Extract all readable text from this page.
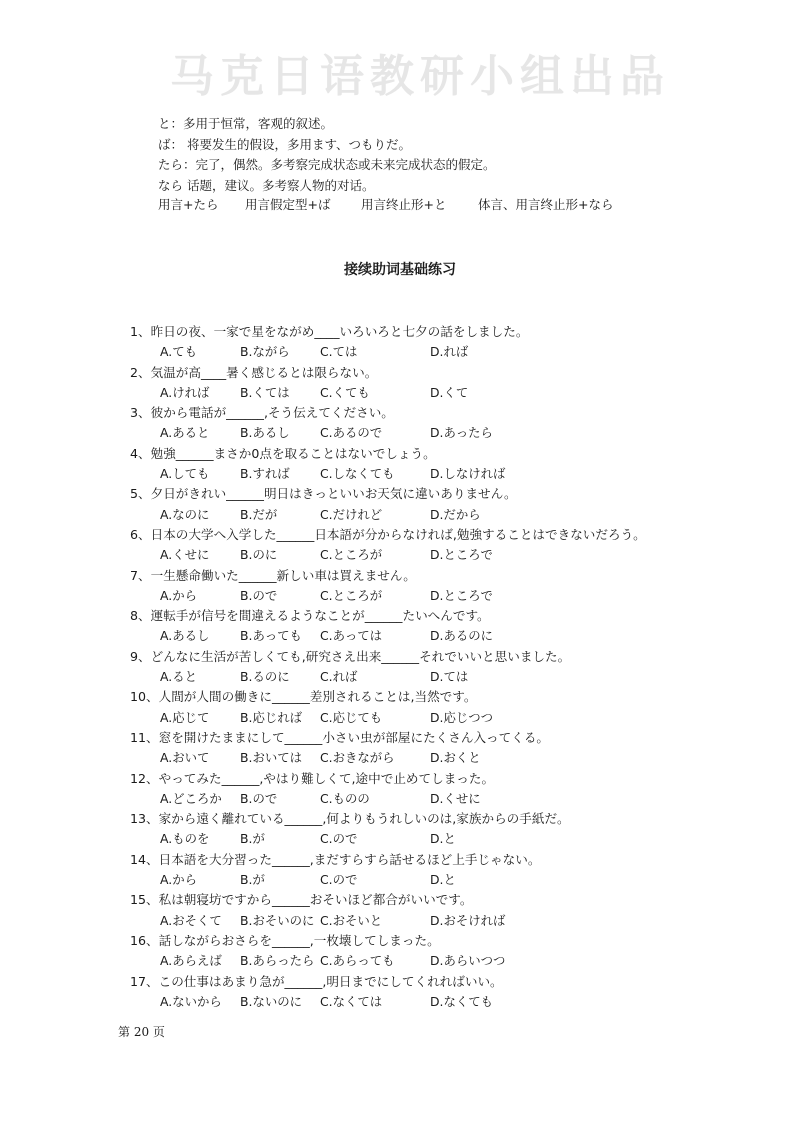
马克日语教研小组出品
と：多用于恒常，客观的叙述。
ば： 将要发生的假设，多用ます、つもりだ。
たら：完了，偶然。多考察完成状态或未来完成状态的假定。
なら 话题，建议。多考察人物的对话。
用言+たら 用言假定型+ば 用言终止形+と	体言、用言终止形+なら
接续助词基础练习
1、昨日の夜、一家で星をながめ____いろいろと七夕の話をしました。
A.ても	B.ながら C.ては	D.れば
2、気温が高____暑く感じるとは限らない。
A.ければ B.くては C.くても	D.くて
3、彼から電話が______,そう伝えてください。
A.あると B.あるし C.あるので	D.あったら
4、勉強______まさか0点を取ることはないでしょう。
A.しても B.すれば C.しなくても	D.しなければ
5、夕日がきれい______明日はきっといいお天気に違いありません。
A.なのに B.だが	C.だけれど	D.だから
6、日本の大学へ入学した______日本語が分からなければ,勉強することはできないだろう。
A.くせに B.のに	C.ところが	D.ところで
7、一生懸命働いた______新しい車は買えません。
A.から	B.ので	C.ところが	D.ところで
8、運転手が信号を間違えるようなことが______たいへんです。
A.あるし B.あっても C.あっては	D.あるのに
9、どんなに生活が苦しくても,研究さえ出来______それでいいと思いました。
A.ると	B.るのに C.れば	D.ては
10、人間が人間の働きに______差別されることは,当然です。
A.応じて B.応じれば C.応じても	D.応じつつ
11、窓を開けたままにして______小さい虫が部屋にたくさん入ってくる。
A.おいて B.おいては C.おきながら	D.おくと
12、やってみた______,やはり難しくて,途中で止めてしまった。
A.どころか B.ので	C.ものの	D.くせに
13、家から遠く離れている______,何よりもうれしいのは,家族からの手紙だ。
A.ものを B.が	C.ので	D.と
14、日本語を大分習った______,まだすらすら話せるほど上手じゃない。
A.から	B.が	C.ので	D.と
15、私は朝寝坊ですから______おそいほど都合がいいです。
A.おそくて B.おそいのに C.おそいと	D.おそければ
16、話しながらおさらを______,一枚壊してしまった。
A.あらえば B.あらったら C.あらっても	D.あらいつつ
17、この仕事はあまり急が______,明日までにしてくれればいい。
A.ないから B.ないのに C.なくては	D.なくても
第 20 页
